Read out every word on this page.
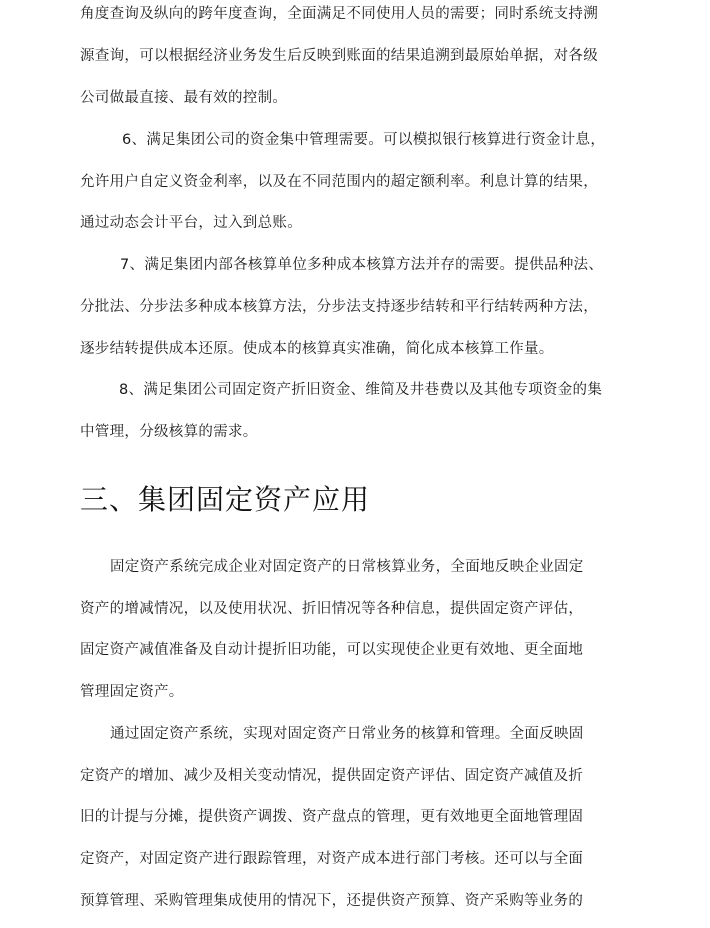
角度查询及纵向的跨年度查询，全面满足不同使用人员的需要；同时系统支持溯
源查询，可以根据经济业务发生后反映到账面的结果追溯到最原始单据，对各级
公司做最直接、最有效的控制。
6、满足集团公司的资金集中管理需要。可以模拟银行核算进行资金计息，
允许用户自定义资金利率，以及在不同范围内的超定额利率。利息计算的结果，
通过动态会计平台，过入到总账。
7、满足集团内部各核算单位多种成本核算方法并存的需要。提供品种法、
分批法、分步法多种成本核算方法，分步法支持逐步结转和平行结转两种方法，
逐步结转提供成本还原。使成本的核算真实准确，简化成本核算工作量。
8、满足集团公司固定资产折旧资金、维简及井巷费以及其他专项资金的集
中管理，分级核算的需求。
三、集团固定资产应用
固定资产系统完成企业对固定资产的日常核算业务，全面地反映企业固定
资产的增减情况，以及使用状况、折旧情况等各种信息，提供固定资产评估，
固定资产减值准备及自动计提折旧功能，可以实现使企业更有效地、更全面地
管理固定资产。
通过固定资产系统，实现对固定资产日常业务的核算和管理。全面反映固
定资产的增加、减少及相关变动情况，提供固定资产评估、固定资产减值及折
旧的计提与分摊，提供资产调拨、资产盘点的管理，更有效地更全面地管理固
定资产，对固定资产进行跟踪管理，对资产成本进行部门考核。还可以与全面
预算管理、采购管理集成使用的情况下，还提供资产预算、资产采购等业务的
